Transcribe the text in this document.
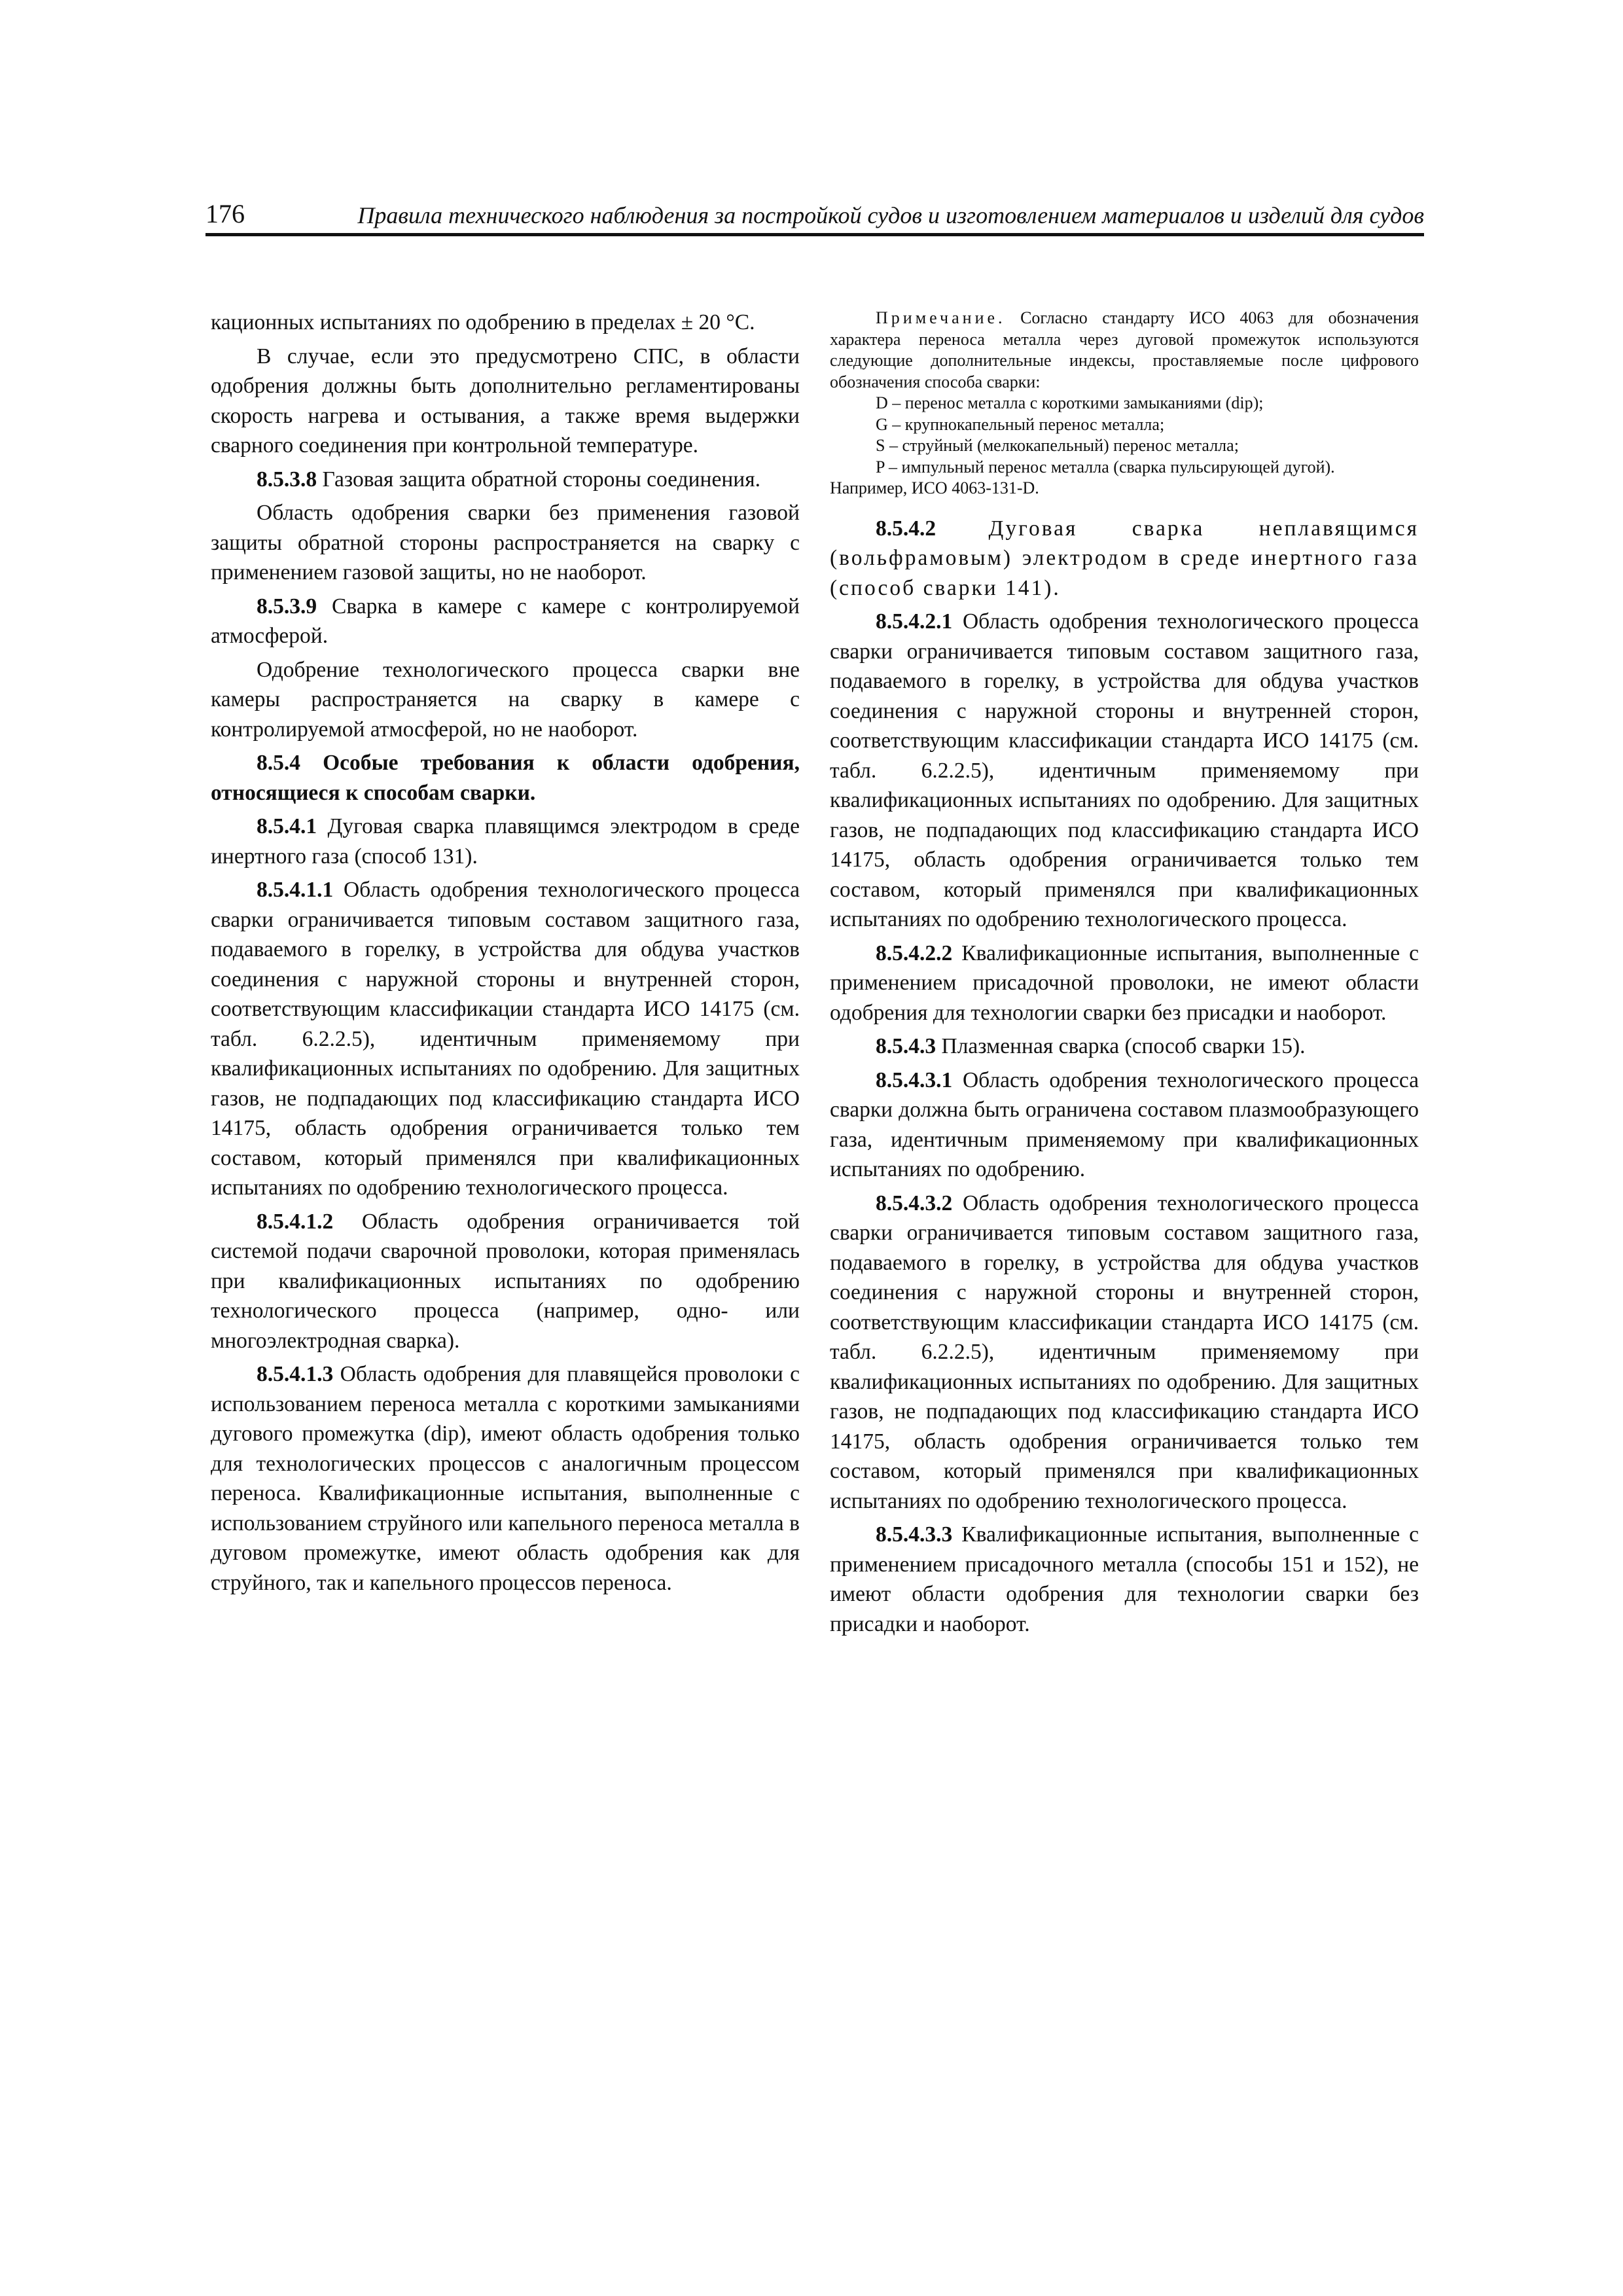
176	Правила технического наблюдения за постройкой судов и изготовлением материалов и изделий для судов

кационных испытаниях по одобрению в пределах ± 20 °С.

В случае, если это предусмотрено СПС, в области одобрения должны быть дополнительно регламентированы скорость нагрева и остывания, а также время выдержки сварного соединения при контрольной температуре.

8.5.3.8 Газовая защита обратной стороны соединения.

Область одобрения сварки без применения газовой защиты обратной стороны распространяется на сварку с применением газовой защиты, но не наоборот.

8.5.3.9 Сварка в камере с камере с контролируемой атмосферой.

Одобрение технологического процесса сварки вне камеры распространяется на сварку в камере с контролируемой атмосферой, но не наоборот.

8.5.4 Особые требования к области одобрения, относящиеся к способам сварки.

8.5.4.1 Дуговая сварка плавящимся электродом в среде инертного газа (способ 131).

8.5.4.1.1 Область одобрения технологического процесса сварки ограничивается типовым составом защитного газа, подаваемого в горелку, в устройства для обдува участков соединения с наружной стороны и внутренней сторон, соответствующим классификации стандарта ИСО 14175 (см. табл. 6.2.2.5), идентичным применяемому при квалификационных испытаниях по одобрению. Для защитных газов, не подпадающих под классификацию стандарта ИСО 14175, область одобрения ограничивается только тем составом, который применялся при квалификационных испытаниях по одобрению технологического процесса.

8.5.4.1.2 Область одобрения ограничивается той системой подачи сварочной проволоки, которая применялась при квалификационных испытаниях по одобрению технологического процесса (например, одно- или многоэлектродная сварка).

8.5.4.1.3 Область одобрения для плавящейся проволоки с использованием переноса металла с короткими замыканиями дугового промежутка (dip), имеют область одобрения только для технологических процессов с аналогичным процессом переноса. Квалификационные испытания, выполненные с использованием струйного или капельного переноса металла в дуговом промежутке, имеют область одобрения как для струйного, так и капельного процессов переноса.

Примечание. Согласно стандарту ИСО 4063 для обозначения характера переноса металла через дуговой промежуток используются следующие дополнительные индексы, проставляемые после цифрового обозначения способа сварки:

D – перенос металла с короткими замыканиями (dip);

G – крупнокапельный перенос металла;

S – струйный (мелкокапельный) перенос металла;

P – импульный перенос металла (сварка пульсирующей дугой).

Например, ИСО 4063-131-D.

8.5.4.2 Дуговая сварка неплавящимся (вольфрамовым) электродом в среде инертного газа (способ сварки 141).

8.5.4.2.1 Область одобрения технологического процесса сварки ограничивается типовым составом защитного газа, подаваемого в горелку, в устройства для обдува участков соединения с наружной стороны и внутренней сторон, соответствующим классификации стандарта ИСО 14175 (см. табл. 6.2.2.5), идентичным применяемому при квалификационных испытаниях по одобрению. Для защитных газов, не подпадающих под классификацию стандарта ИСО 14175, область одобрения ограничивается только тем составом, который применялся при квалификационных испытаниях по одобрению технологического процесса.

8.5.4.2.2 Квалификационные испытания, выполненные с применением присадочной проволоки, не имеют области одобрения для технологии сварки без присадки и наоборот.

8.5.4.3 Плазменная сварка (способ сварки 15).

8.5.4.3.1 Область одобрения технологического процесса сварки должна быть ограничена составом плазмообразующего газа, идентичным применяемому при квалификационных испытаниях по одобрению.

8.5.4.3.2 Область одобрения технологического процесса сварки ограничивается типовым составом защитного газа, подаваемого в горелку, в устройства для обдува участков соединения с наружной стороны и внутренней сторон, соответствующим классификации стандарта ИСО 14175 (см. табл. 6.2.2.5), идентичным применяемому при квалификационных испытаниях по одобрению. Для защитных газов, не подпадающих под классификацию стандарта ИСО 14175, область одобрения ограничивается только тем составом, который применялся при квалификационных испытаниях по одобрению технологического процесса.

8.5.4.3.3 Квалификационные испытания, выполненные с применением присадочного металла (способы 151 и 152), не имеют области одобрения для технологии сварки без присадки и наоборот.
